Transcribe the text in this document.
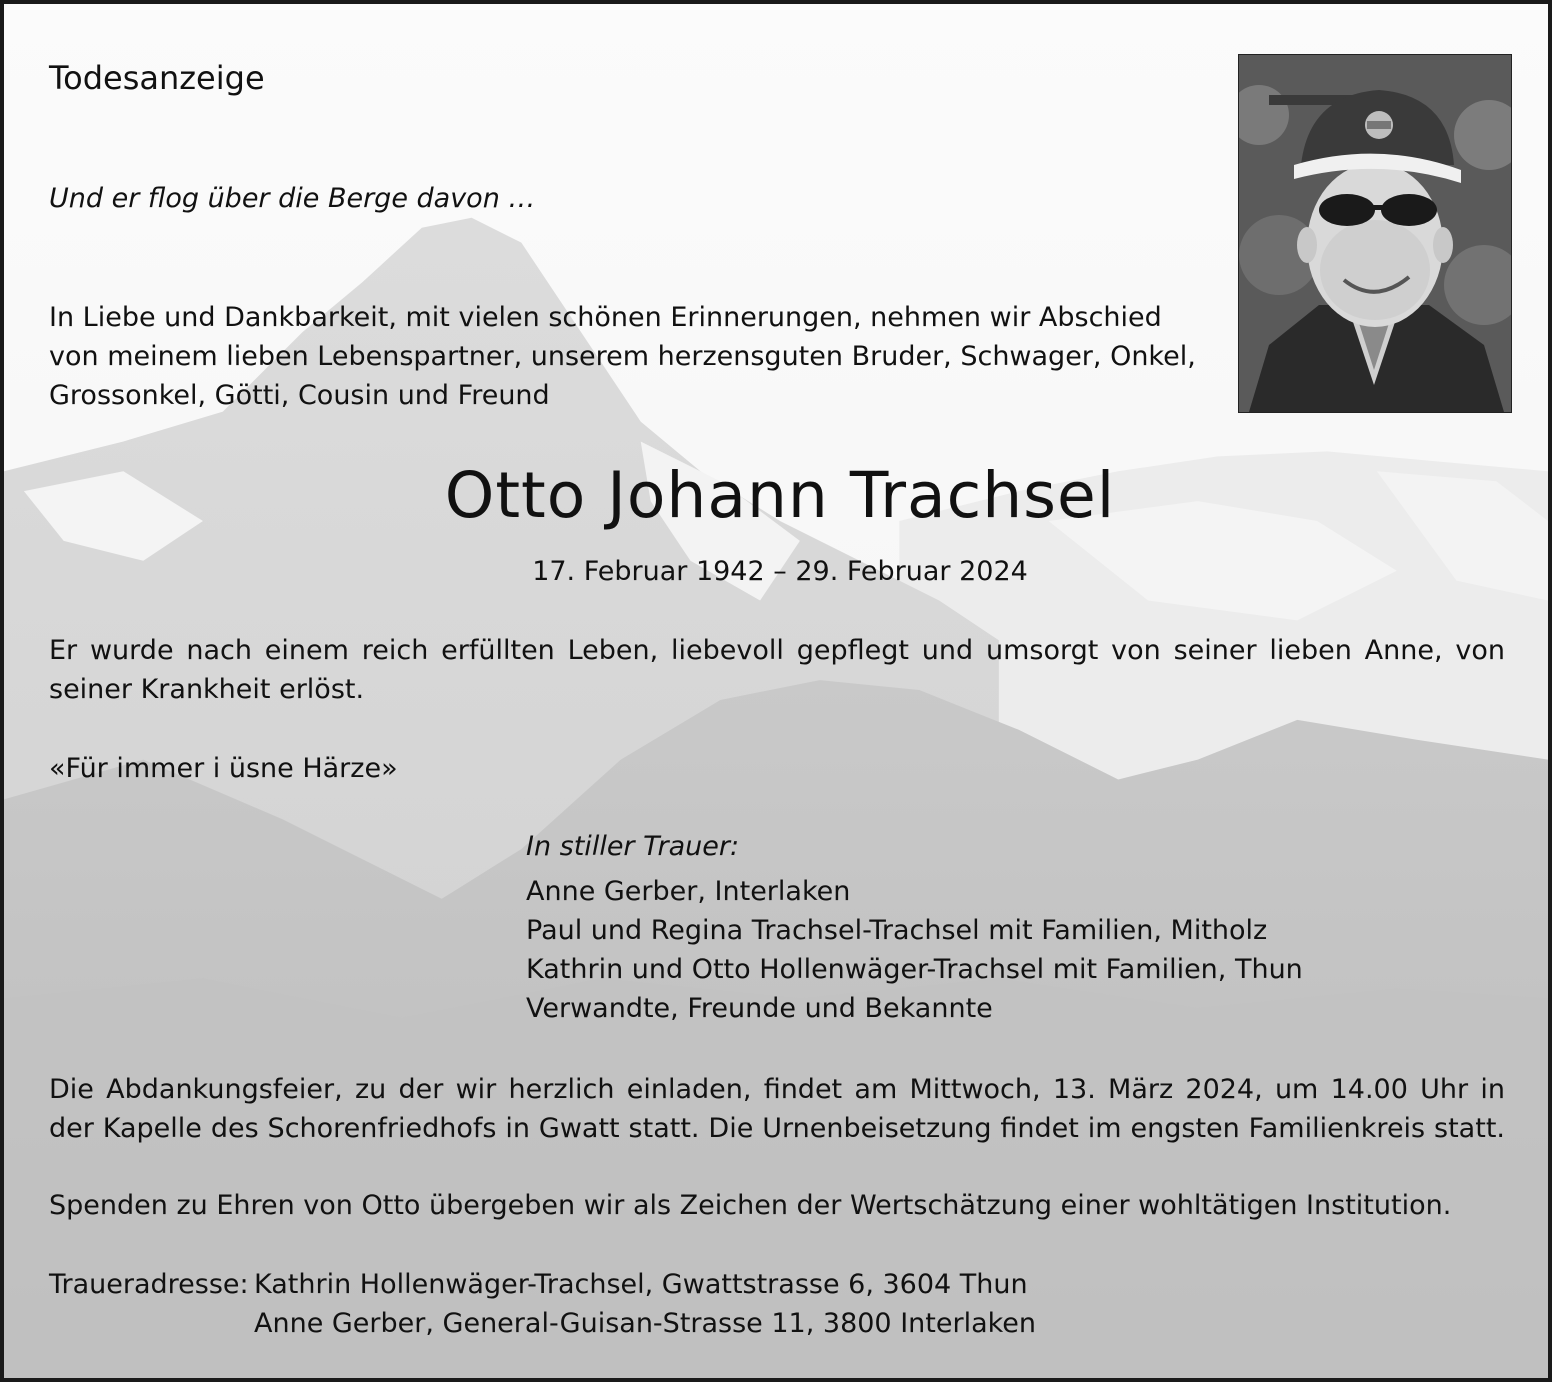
Todesanzeige

Und er flog über die Berge davon …

In Liebe und Dankbarkeit, mit vielen schönen Erinnerungen, nehmen wir Abschied
von meinem lieben Lebenspartner, unserem herzensguten Bruder, Schwager, Onkel,
Grossonkel, Götti, Cousin und Freund

Otto Johann Trachsel

17. Februar 1942 – 29. Februar 2024

Er wurde nach einem reich erfüllten Leben, liebevoll gepflegt und umsorgt von seiner lieben Anne, von
seiner Krankheit erlöst.

«Für immer i üsne Härze»

In stiller Trauer:
Anne Gerber, Interlaken
Paul und Regina Trachsel-Trachsel mit Familien, Mitholz
Kathrin und Otto Hollenwäger-Trachsel mit Familien, Thun
Verwandte, Freunde und Bekannte
Die Abdankungsfeier, zu der wir herzlich einladen, findet am Mittwoch, 13. März 2024, um 14.00 Uhr in
der Kapelle des Schorenfriedhofs in Gwatt statt. Die Urnenbeisetzung findet im engsten Familienkreis statt.

Spenden zu Ehren von Otto übergeben wir als Zeichen der Wertschätzung einer wohltätigen Institution.

Traueradresse: Kathrin Hollenwäger-Trachsel, Gwattstrasse 6, 3604 Thun
Anne Gerber, General-Guisan-Strasse 11, 3800 Interlaken
